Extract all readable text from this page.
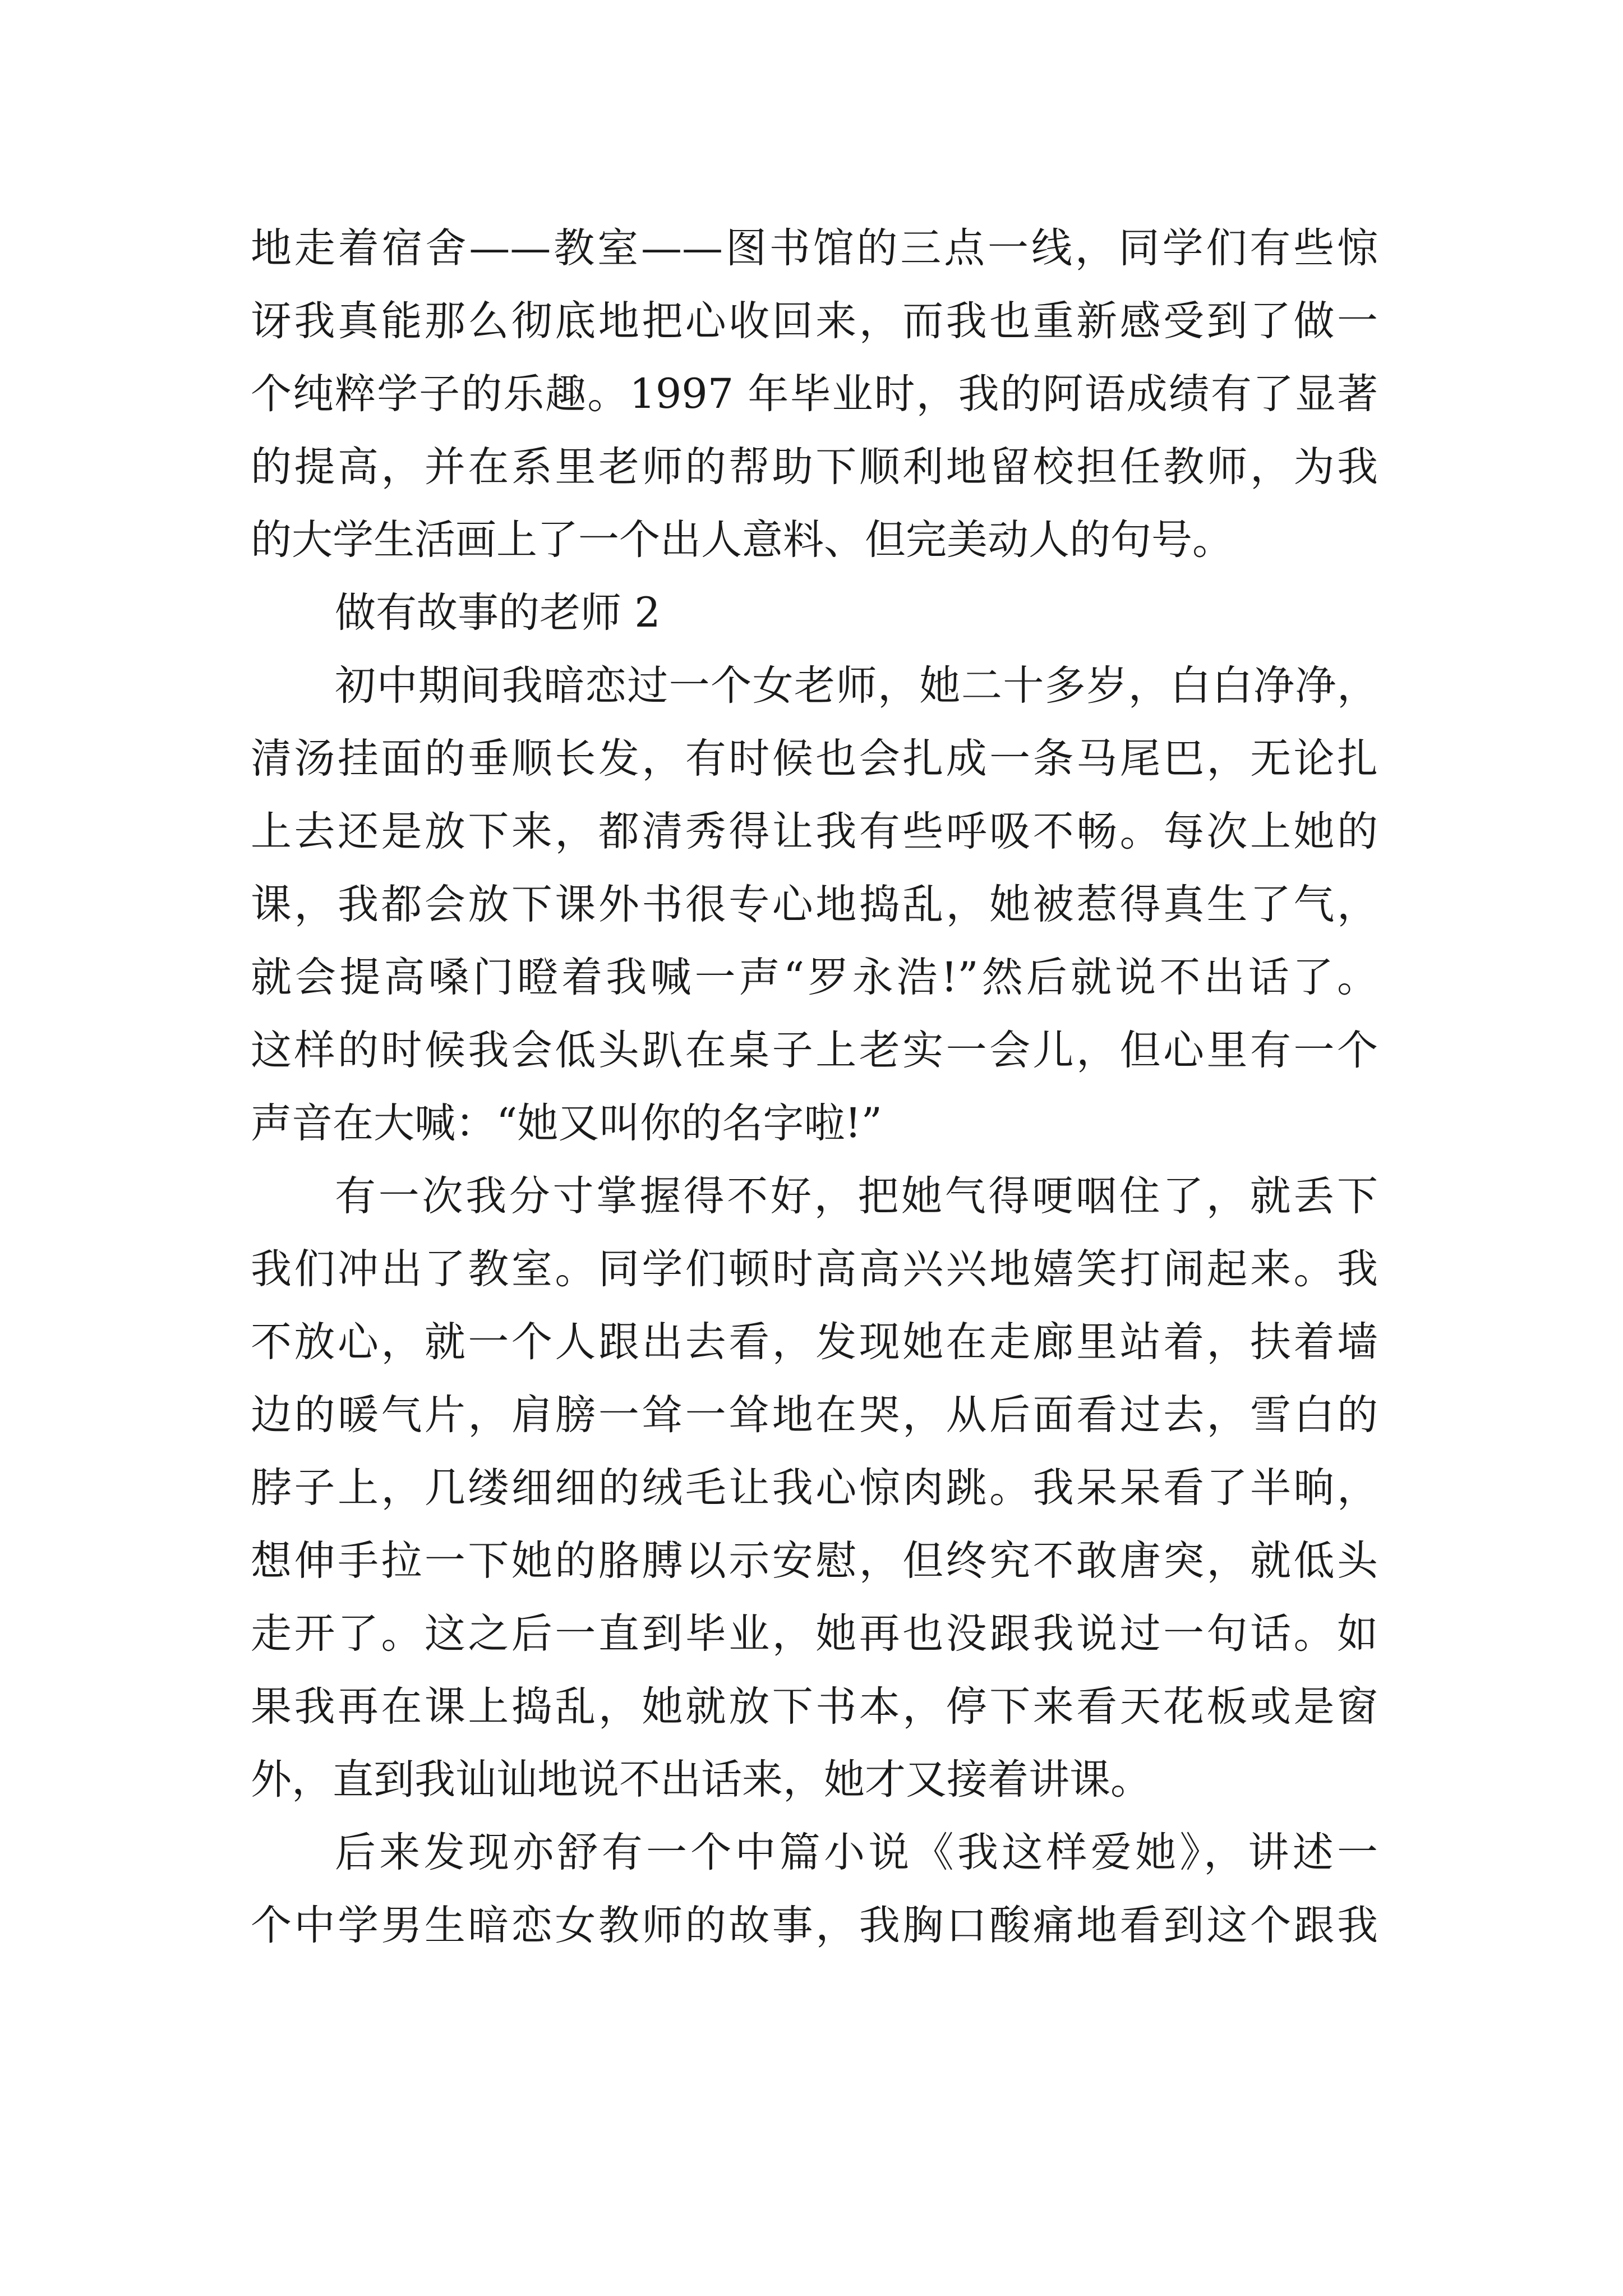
地走着宿舍——教室——图书馆的三点一线，同学们有些惊
讶我真能那么彻底地把心收回来，而我也重新感受到了做一
个纯粹学子的乐趣。1997 年毕业时，我的阿语成绩有了显著
的提高，并在系里老师的帮助下顺利地留校担任教师，为我
的大学生活画上了一个出人意料、但完美动人的句号。
做有故事的老师 2
初中期间我暗恋过一个女老师，她二十多岁，白白净净，
清汤挂面的垂顺长发，有时候也会扎成一条马尾巴，无论扎
上去还是放下来，都清秀得让我有些呼吸不畅。每次上她的
课，我都会放下课外书很专心地捣乱，她被惹得真生了气，
就会提高嗓门瞪着我喊一声“罗永浩!”然后就说不出话了。
这样的时候我会低头趴在桌子上老实一会儿，但心里有一个
声音在大喊：“她又叫你的名字啦!”
有一次我分寸掌握得不好，把她气得哽咽住了，就丢下
我们冲出了教室。同学们顿时高高兴兴地嬉笑打闹起来。我
不放心，就一个人跟出去看，发现她在走廊里站着，扶着墙
边的暖气片，肩膀一耸一耸地在哭，从后面看过去，雪白的
脖子上，几缕细细的绒毛让我心惊肉跳。我呆呆看了半晌，
想伸手拉一下她的胳膊以示安慰，但终究不敢唐突，就低头
走开了。这之后一直到毕业，她再也没跟我说过一句话。如
果我再在课上捣乱，她就放下书本，停下来看天花板或是窗
外，直到我讪讪地说不出话来，她才又接着讲课。
后来发现亦舒有一个中篇小说《我这样爱她》，讲述一
个中学男生暗恋女教师的故事，我胸口酸痛地看到这个跟我
